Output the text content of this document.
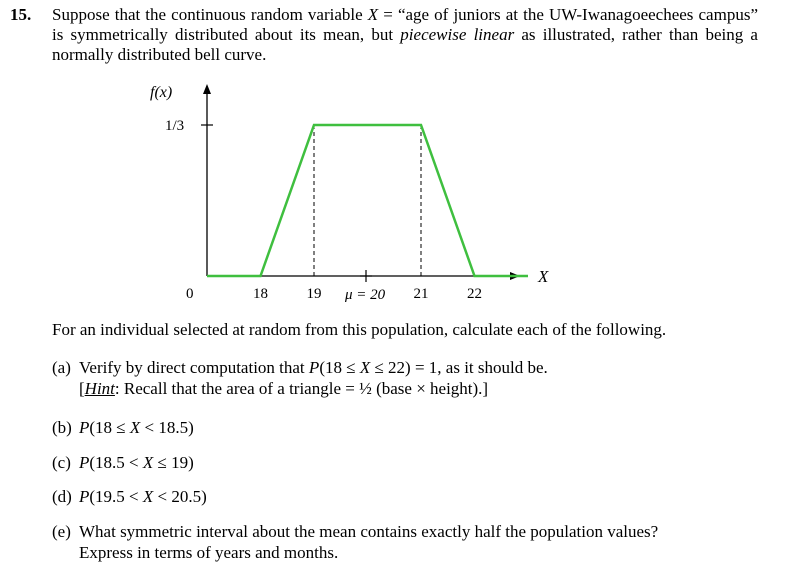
15. Suppose that the continuous random variable X = “age of juniors at the UW-Iwanagoeechees campus” is symmetrically distributed about its mean, but piecewise linear as illustrated, rather than being a normally distributed bell curve.
f(x)
1/3
0
X
μ = 20
18	19	21	22
For an individual selected at random from this population, calculate each of the following.
(a) Verify by direct computation that P(18 ≤ X ≤ 22) = 1, as it should be.
[Hint: Recall that the area of a triangle = ½ (base × height).]
(b) P(18 ≤ X < 18.5)
(c) P(18.5 < X ≤ 19)
(d) P(19.5 < X < 20.5)
(e) What symmetric interval about the mean contains exactly half the population values?
Express in terms of years and months.
